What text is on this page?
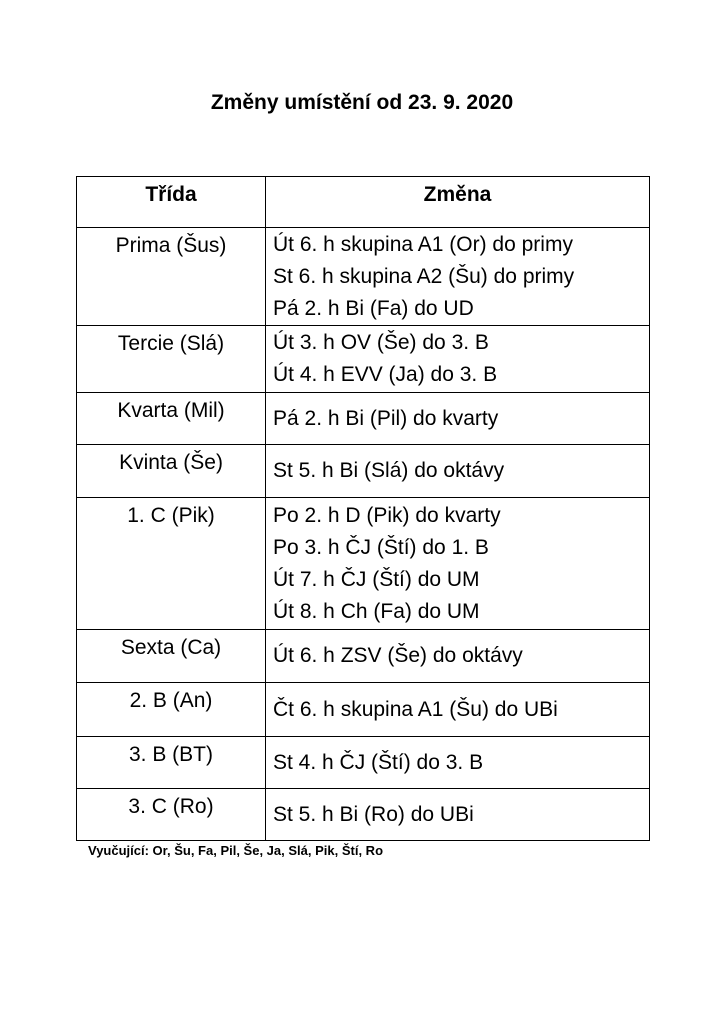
Změny umístění od 23. 9. 2020
Třída	Změna
Prima (Šus)	Út 6. h skupina A1 (Or) do primy
St 6. h skupina A2 (Šu) do primy
Pá 2. h Bi (Fa) do UD

Tercie (Slá)	Út 3. h OV (Še) do 3. B
Út 4. h EVV (Ja) do 3. B

Kvarta (Mil)	Pá 2. h Bi (Pil) do kvarty

Kvinta (Še)	St 5. h Bi (Slá) do oktávy

1. C (Pik)	Po 2. h D (Pik) do kvarty
Po 3. h ČJ (Ští) do 1. B
Út 7. h ČJ (Ští) do UM
Út 8. h Ch (Fa) do UM

Sexta (Ca)	Út 6. h ZSV (Še) do oktávy

2. B (An)	Čt 6. h skupina A1 (Šu) do UBi

3. B (BT)	St 4. h ČJ (Ští) do 3. B

3. C (Ro)	St 5. h Bi (Ro) do UBi
Vyučující: Or, Šu, Fa, Pil, Še, Ja, Slá, Pik, Ští, Ro
